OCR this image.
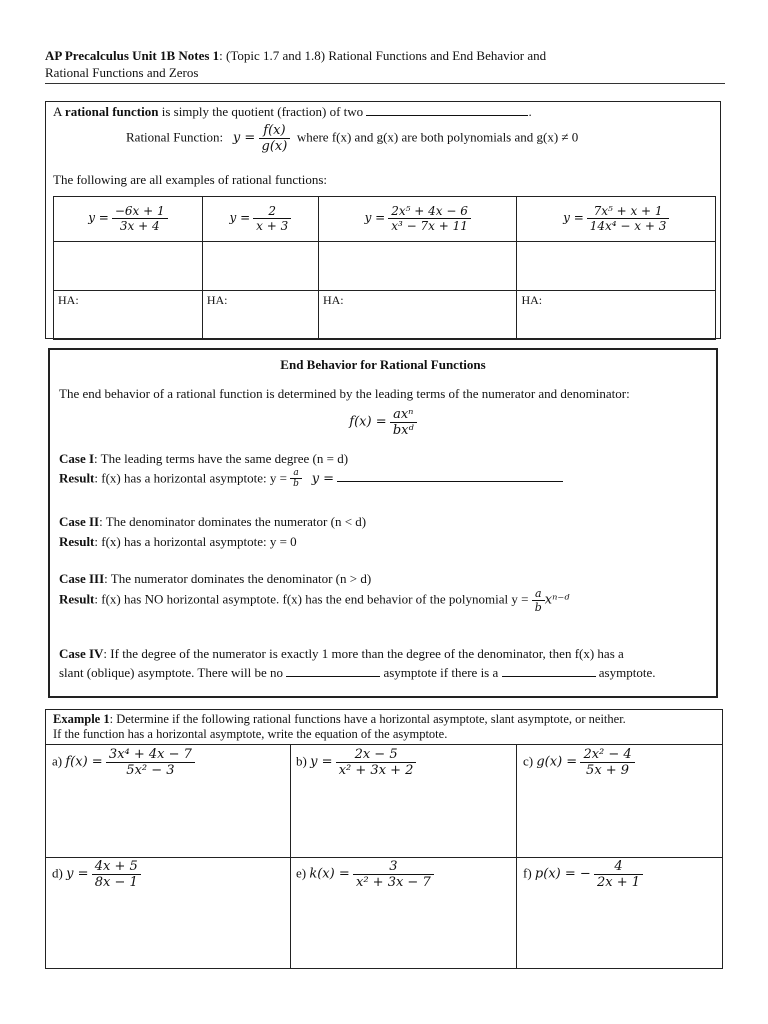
AP Precalculus Unit 1B Notes 1: (Topic 1.7 and 1.8) Rational Functions and End Behavior and
Rational Functions and Zeros
A rational function is simply the quotient (fraction) of two	.
Rational Function: $y = \frac{f(x)}{g(x)}$ where f(x) and g(x) are both polynomials and g(x) ≠ 0
The following are all examples of rational functions:
$y = \frac{-6x + 1}{3x + 4}$	$y = \frac{2}{x + 3}$	$y = \frac{\text{2x⁵ + 4x − 6}}{\text{x³ − 7x + 11}}$	$y = \frac{\text{7x⁵ + x + 1}}{\text{14x⁴ − x + 3}}$

HA:	HA:	HA:	HA:
End Behavior for Rational Functions
The end behavior of a rational function is determined by the leading terms of the numerator and denominator:
$f(x) = \frac{\text{axⁿ}}{\text{bxᵈ}}$
Case I: The leading terms have the same degree (n = d)
Result: f(x) has a horizontal asymptote: $y = \frac{a}{b}$ y =
Case II: The denominator dominates the numerator (n < d)
Result: f(x) has a horizontal asymptote: y = 0
Case III: The numerator dominates the denominator (n > d)
Result: f(x) has NO horizontal asymptote. f(x) has the end behavior of the polynomial $y = \frac{a}{b}$ xⁿ⁻ᵈ
Case IV: If the degree of the numerator is exactly 1 more than the degree of the denominator, then f(x) has a
slant (oblique) asymptote. There will be no	asymptote if there is a	asymptote.
Example 1: Determine if the following rational functions have a horizontal asymptote, slant asymptote, or neither.
If the function has a horizontal asymptote, write the equation of the asymptote.
a) $f(x) = \frac{\text{3x⁴ + 4x − 7}}{\text{5x² − 3}}$	b) $y = \frac{2x - 5}{\text{x² + 3x + 2}}$	c) $g(x) = \frac{\text{2x² − 4}}{5x + 9}$
d) $y = \frac{4x + 5}{8x - 1}$	e) $k(x) = \frac{3}{\text{x² + 3x − 7}}$	f) p(x) = − $\frac{4}{2x + 1}$
